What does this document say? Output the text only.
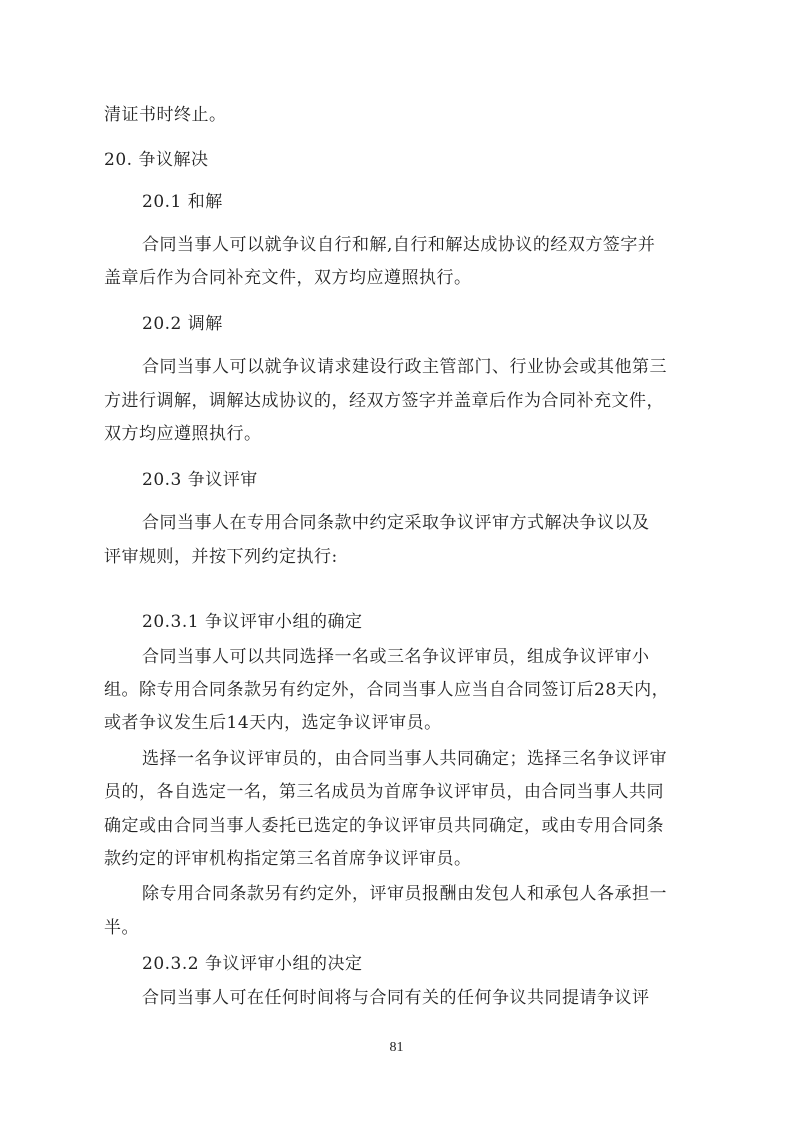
清证书时终止。
20. 争议解决
20.1 和解
合同当事人可以就争议自行和解,自行和解达成协议的经双方签字并
盖章后作为合同补充文件，双方均应遵照执行。
20.2 调解
合同当事人可以就争议请求建设行政主管部门、行业协会或其他第三
方进行调解，调解达成协议的，经双方签字并盖章后作为合同补充文件，
双方均应遵照执行。
20.3 争议评审
合同当事人在专用合同条款中约定采取争议评审方式解决争议以及
评审规则，并按下列约定执行:
20.3.1 争议评审小组的确定
合同当事人可以共同选择一名或三名争议评审员，组成争议评审小
组。除专用合同条款另有约定外，合同当事人应当自合同签订后28天内，
或者争议发生后14天内，选定争议评审员。
选择一名争议评审员的，由合同当事人共同确定；选择三名争议评审
员的，各自选定一名，第三名成员为首席争议评审员，由合同当事人共同
确定或由合同当事人委托已选定的争议评审员共同确定，或由专用合同条
款约定的评审机构指定第三名首席争议评审员。
除专用合同条款另有约定外，评审员报酬由发包人和承包人各承担一
半。
20.3.2 争议评审小组的决定
合同当事人可在任何时间将与合同有关的任何争议共同提请争议评
81
